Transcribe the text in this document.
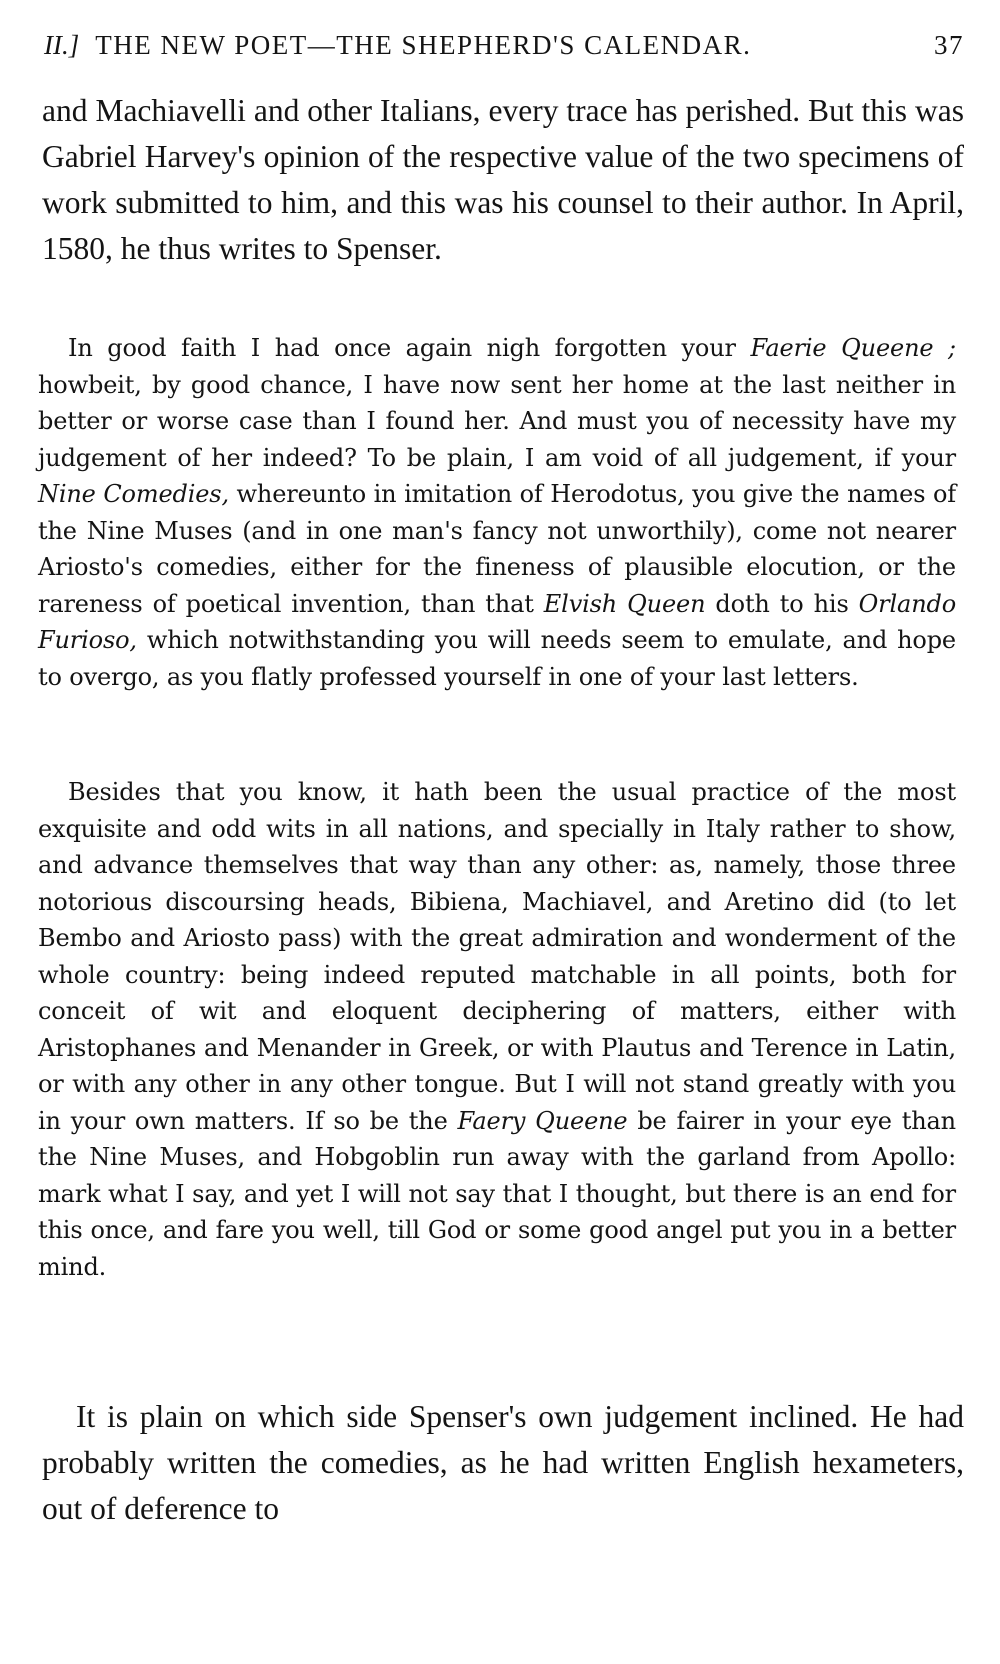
II.] THE NEW POET—THE SHEPHERD'S CALENDAR.	37

and Machiavelli and other Italians, every trace has perished. But this was Gabriel Harvey's opinion of the respective value of the two specimens of work submitted to him, and this was his counsel to their author. In April, 1580, he thus writes to Spenser.

In good faith I had once again nigh forgotten your Faerie Queene ; howbeit, by good chance, I have now sent her home at the last neither in better or worse case than I found her. And must you of necessity have my judgement of her indeed? To be plain, I am void of all judgement, if your Nine Comedies, whereunto in imitation of Herodotus, you give the names of the Nine Muses (and in one man's fancy not unworthily), come not nearer Ariosto's comedies, either for the fineness of plausible elocution, or the rareness of poetical invention, than that Elvish Queen doth to his Orlando Furioso, which notwithstanding you will needs seem to emulate, and hope to overgo, as you flatly professed yourself in one of your last letters.

Besides that you know, it hath been the usual practice of the most exquisite and odd wits in all nations, and specially in Italy rather to show, and advance themselves that way than any other: as, namely, those three notorious discoursing heads, Bibiena, Machiavel, and Aretino did (to let Bembo and Ariosto pass) with the great admiration and wonderment of the whole country: being indeed reputed matchable in all points, both for conceit of wit and eloquent deciphering of matters, either with Aristophanes and Menander in Greek, or with Plautus and Terence in Latin, or with any other in any other tongue. But I will not stand greatly with you in your own matters. If so be the Faery Queene be fairer in your eye than the Nine Muses, and Hobgoblin run away with the garland from Apollo: mark what I say, and yet I will not say that I thought, but there is an end for this once, and fare you well, till God or some good angel put you in a better mind.

It is plain on which side Spenser's own judgement inclined. He had probably written the comedies, as he had written English hexameters, out of deference to
